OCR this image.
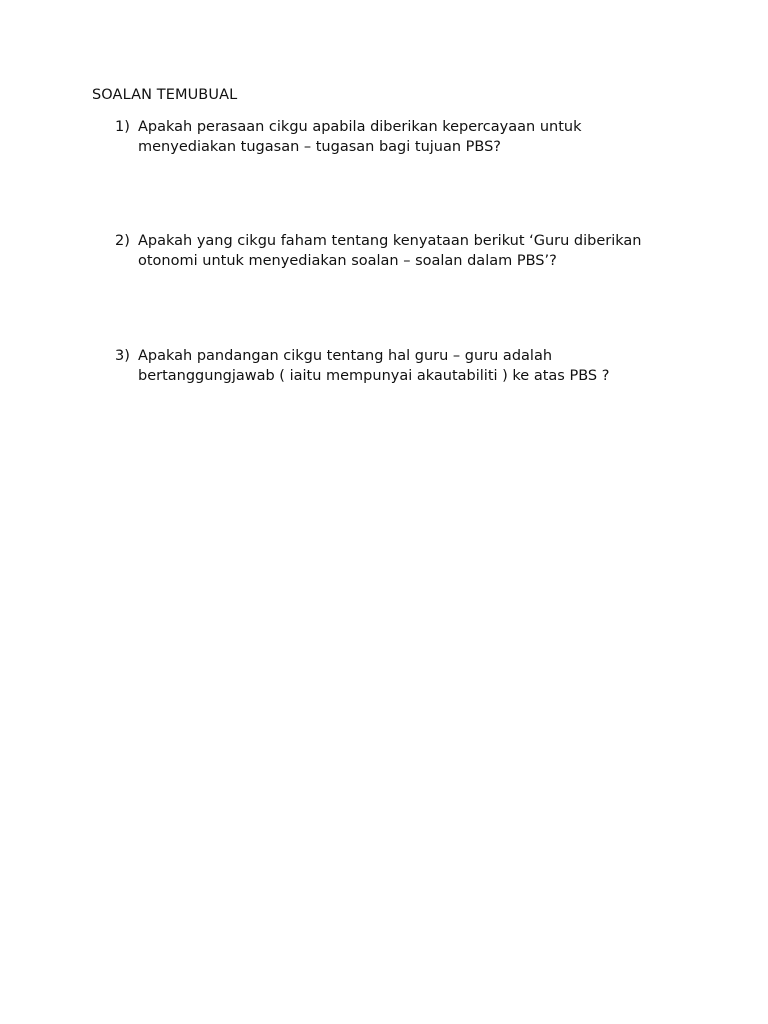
SOALAN TEMUBUAL
1) Apakah perasaan cikgu apabila diberikan kepercayaan untuk
menyediakan tugasan – tugasan bagi tujuan PBS?
2) Apakah yang cikgu faham tentang kenyataan berikut ‘Guru diberikan
otonomi untuk menyediakan soalan – soalan dalam PBS’?
3) Apakah pandangan cikgu tentang hal guru – guru adalah
bertanggungjawab ( iaitu mempunyai akautabiliti ) ke atas PBS ?
